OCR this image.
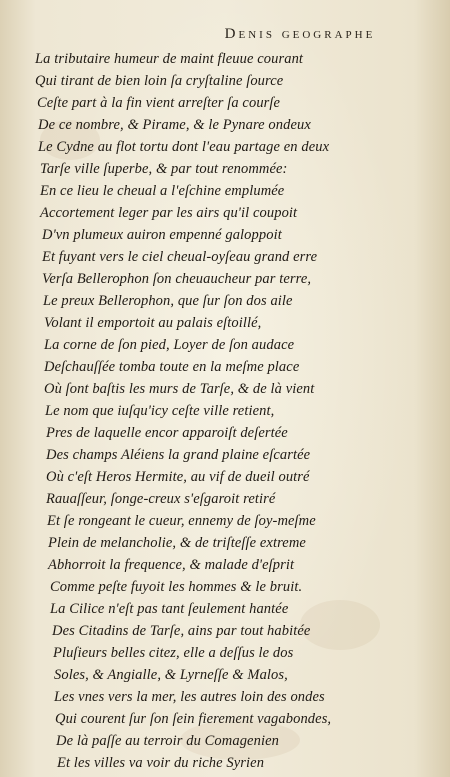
Denis geographe
La tributaire humeur de maint fleuue courant
Qui tirant de bien loin ſa cryſtaline ſource
Ceſte part à la fin vient arreſter ſa courſe
De ce nombre, & Pirame, & le Pynare ondeux
Le Cydne au flot tortu dont l'eau partage en deux
Tarſe ville ſuperbe, & par tout renommée:
En ce lieu le cheual a l'eſchine emplumée
Accortement leger par les airs qu'il coupoit
D'vn plumeux auiron empenné galoppoit
Et fuyant vers le ciel cheual-oyſeau grand erre
Verſa Bellerophon ſon cheuaucheur par terre,
Le preux Bellerophon, que ſur ſon dos aile
Volant il emportoit au palais eſtoillé,
La corne de ſon pied, Loyer de ſon audace
Deſchauſſée tomba toute en la meſme place
Où ſont baſtis les murs de Tarſe, & de là vient
Le nom que iuſqu'icy ceſte ville retient,
Pres de laquelle encor apparoiſt deſertée
Des champs Aléiens la grand plaine eſcartée
Où c'eſt Heros Hermite, au vif de dueil outré
Rauaſſeur, ſonge-creux s'eſgaroit retiré
Et ſe rongeant le cueur, ennemy de ſoy-meſme
Plein de melancholie, & de triſteſſe extreme
Abhorroit la frequence, & malade d'eſprit
Comme peſte fuyoit les hommes & le bruit.
La Cilice n'eſt pas tant ſeulement hantée
Des Citadins de Tarſe, ains par tout habitée
Pluſieurs belles citez, elle a deſſus le dos
Soles, & Angialle, & Lyrneſſe & Malos,
Les vnes vers la mer, les autres loin des ondes
Qui courent ſur ſon ſein fierement vagabondes,
De là paſſe au terroir du Comagenien
Et les villes va voir du riche Syrien
